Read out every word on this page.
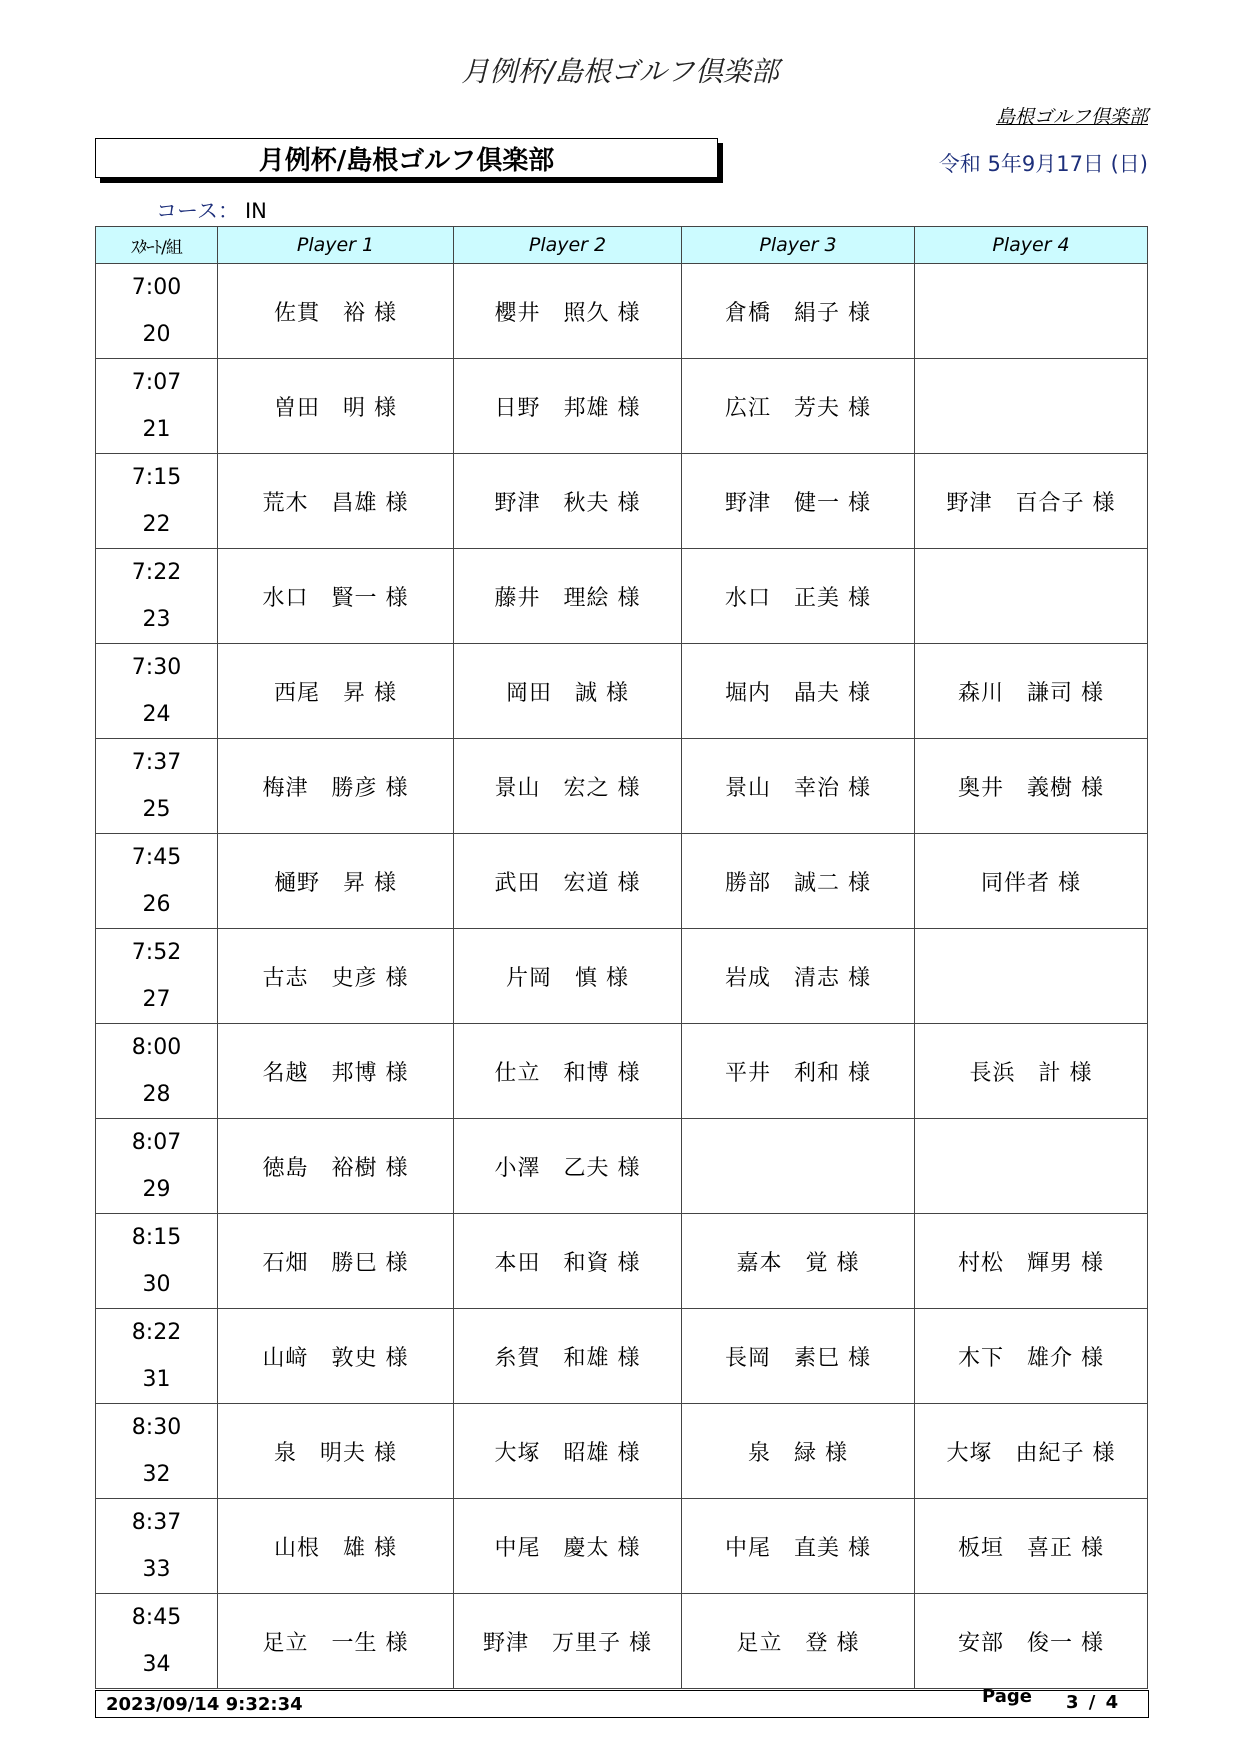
月例杯/島根ゴルフ倶楽部
島根ゴルフ倶楽部
月例杯/島根ゴルフ倶楽部	令和 5年9月17日 (日)
コース： IN
ｽﾀｰﾄ/組	Player 1	Player 2	Player 3	Player 4

7:00
20	佐貫　裕 様	櫻井　照久 様	倉橋　絹子 様	

7:07
21	曽田　明 様	日野　邦雄 様	広江　芳夫 様	

7:15
22	荒木　昌雄 様	野津　秋夫 様	野津　健一 様	野津　百合子 様

7:22
23	水口　賢一 様	藤井　理絵 様	水口　正美 様	

7:30
24	西尾　昇 様	岡田　誠 様	堀内　晶夫 様	森川　謙司 様

7:37
25	梅津　勝彦 様	景山　宏之 様	景山　幸治 様	奥井　義樹 様

7:45
26	樋野　昇 様	武田　宏道 様	勝部　誠二 様	同伴者 様

7:52
27	古志　史彦 様	片岡　慎 様	岩成　清志 様	

8:00
28	名越　邦博 様	仕立　和博 様	平井　利和 様	長浜　計 様

8:07
29	徳島　裕樹 様	小澤　乙夫 様		

8:15
30	石畑　勝巳 様	本田　和資 様	嘉本　覚 様	村松　輝男 様

8:22
31	山﨑　敦史 様	糸賀　和雄 様	長岡　素巳 様	木下　雄介 様

8:30
32	泉　明夫 様	大塚　昭雄 様	泉　緑 様	大塚　由紀子 様

8:37
33	山根　雄 様	中尾　慶太 様	中尾　直美 様	板垣　喜正 様

8:45
34	足立　一生 様	野津　万里子 様	足立　登 様	安部　俊一 様
2023/09/14 9:32:34	Page 3 / 4
